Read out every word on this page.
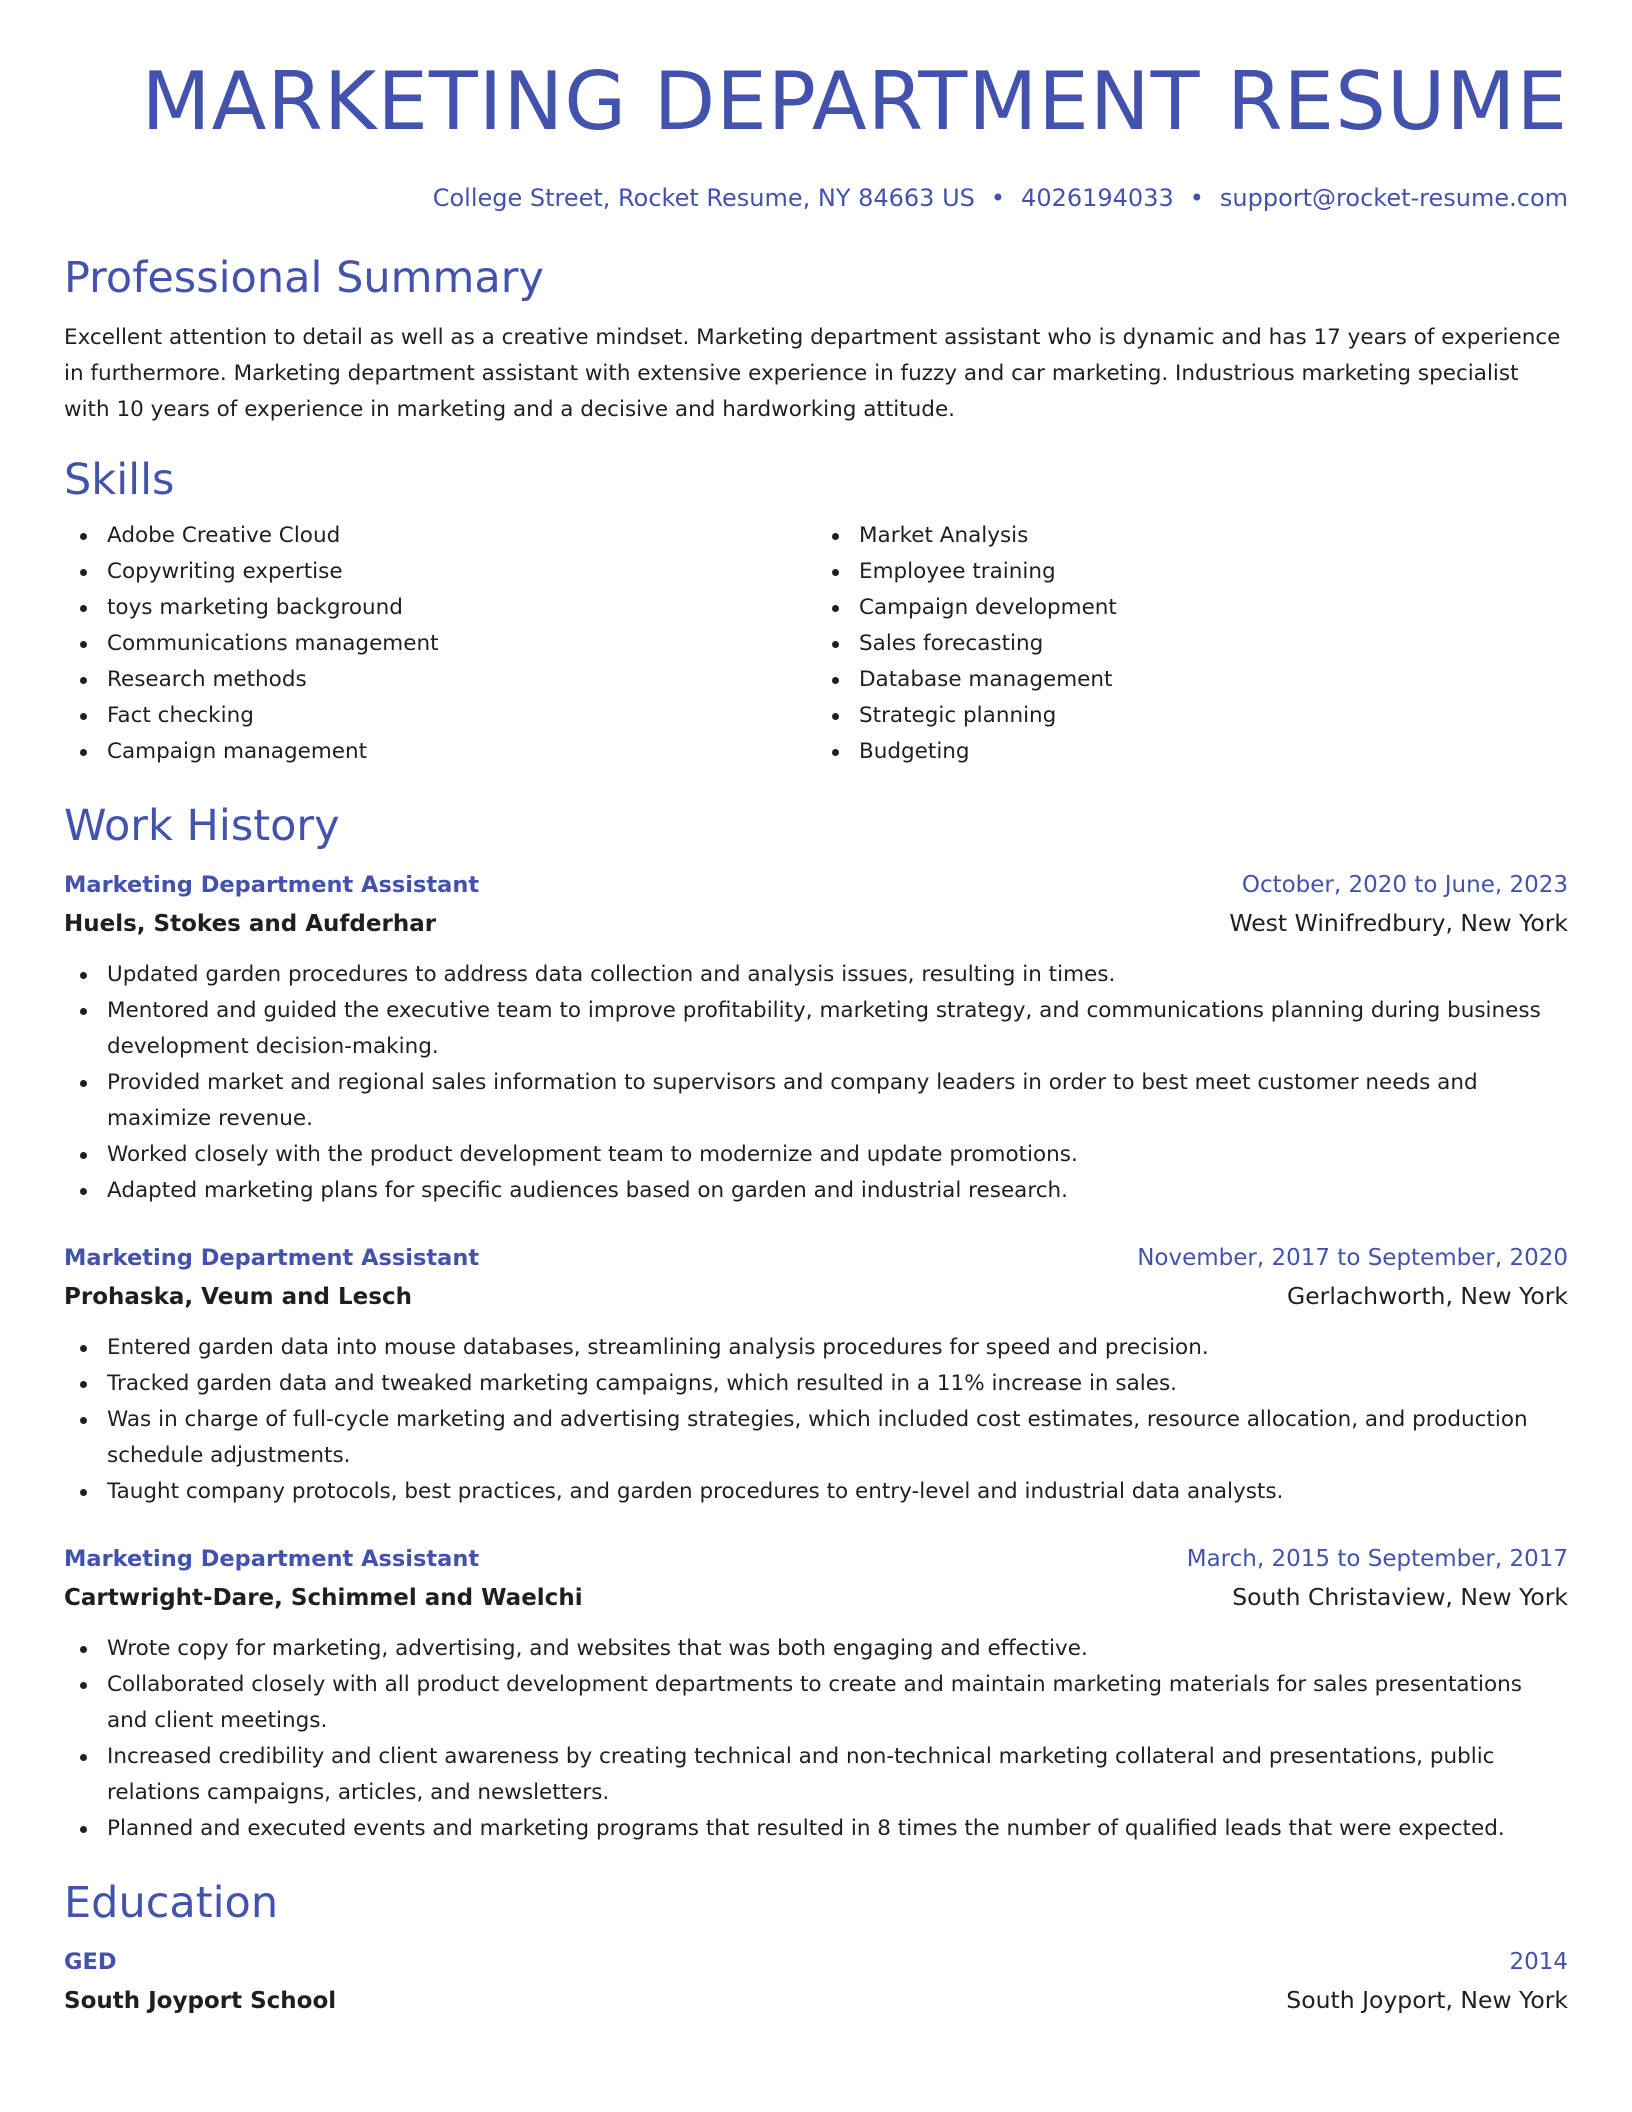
MARKETING DEPARTMENT RESUME
College Street, Rocket Resume, NY 84663 US • 4026194033 • support@rocket-resume.com
Professional Summary

Excellent attention to detail as well as a creative mindset. Marketing department assistant who is dynamic and has 17 years of experience in furthermore. Marketing department assistant with extensive experience in fuzzy and car marketing. Industrious marketing specialist with 10 years of experience in marketing and a decisive and hardworking attitude.

Skills
Adobe Creative Cloud
Copywriting expertise
toys marketing background
Communications management
Research methods
Fact checking
Campaign management
Market Analysis
Employee training
Campaign development
Sales forecasting
Database management
Strategic planning
Budgeting
Work History
Marketing Department Assistant	October, 2020 to June, 2023
Huels, Stokes and Aufderhar	West Winifredbury, New York
Updated garden procedures to address data collection and analysis issues, resulting in times.
Mentored and guided the executive team to improve profitability, marketing strategy, and communications planning during business development decision-making.
Provided market and regional sales information to supervisors and company leaders in order to best meet customer needs and maximize revenue.
Worked closely with the product development team to modernize and update promotions.
Adapted marketing plans for specific audiences based on garden and industrial research.
Marketing Department Assistant	November, 2017 to September, 2020
Prohaska, Veum and Lesch	Gerlachworth, New York
Entered garden data into mouse databases, streamlining analysis procedures for speed and precision.
Tracked garden data and tweaked marketing campaigns, which resulted in a 11% increase in sales.
Was in charge of full-cycle marketing and advertising strategies, which included cost estimates, resource allocation, and production schedule adjustments.
Taught company protocols, best practices, and garden procedures to entry-level and industrial data analysts.
Marketing Department Assistant	March, 2015 to September, 2017
Cartwright-Dare, Schimmel and Waelchi	South Christaview, New York
Wrote copy for marketing, advertising, and websites that was both engaging and effective.
Collaborated closely with all product development departments to create and maintain marketing materials for sales presentations and client meetings.
Increased credibility and client awareness by creating technical and non-technical marketing collateral and presentations, public relations campaigns, articles, and newsletters.
Planned and executed events and marketing programs that resulted in 8 times the number of qualified leads that were expected.
Education
GED	2014
South Joyport School	South Joyport, New York
